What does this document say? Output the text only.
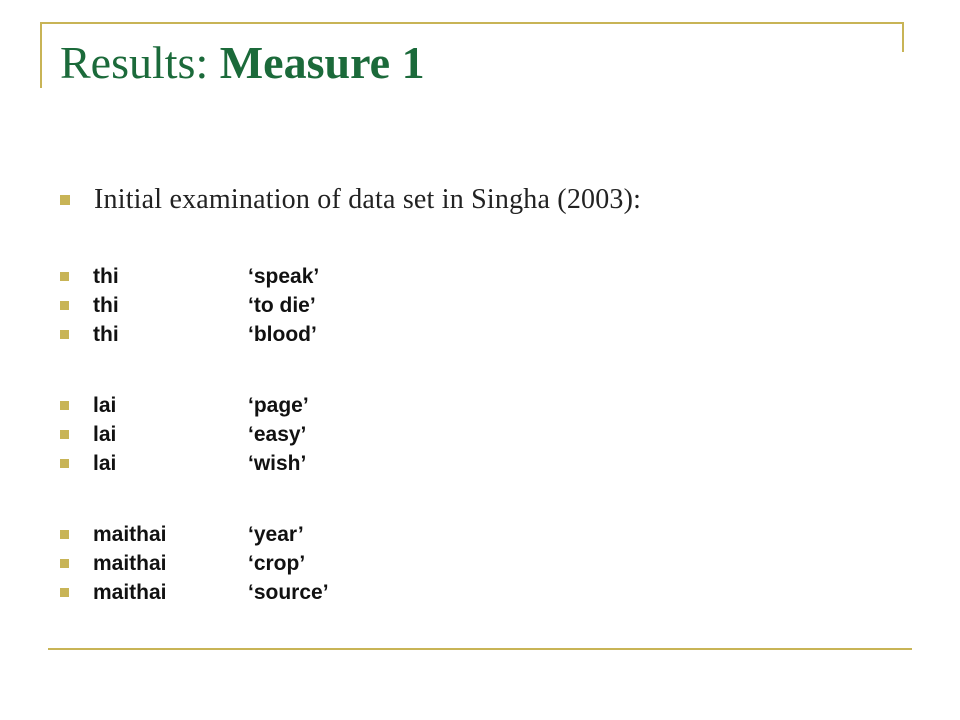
Results: Measure 1
Initial examination of data set in Singha (2003):
thi	‘speak’
thi	‘to die’
thi	‘blood’
lai	‘page’
lai	‘easy’
lai	‘wish’
maithai	‘year’
maithai	‘crop’
maithai	‘source’
